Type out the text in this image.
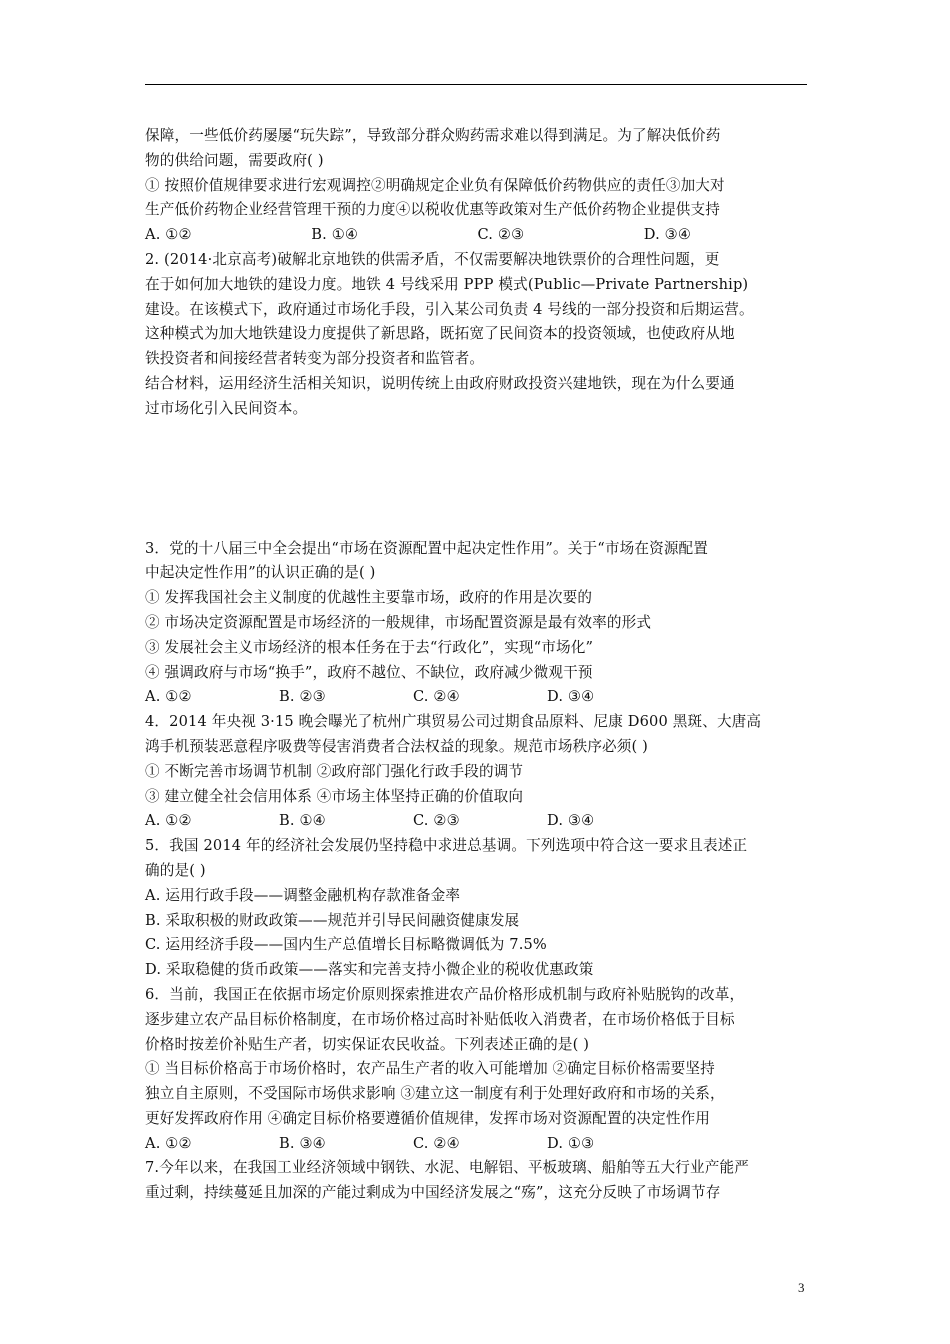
保障，一些低价药屡屡“玩失踪”，导致部分群众购药需求难以得到满足。为了解决低价药
物的供给问题，需要政府( )
① 按照价值规律要求进行宏观调控②明确规定企业负有保障低价药物供应的责任③加大对
生产低价药物企业经营管理干预的力度④以税收优惠等政策对生产低价药物企业提供支持
A. ①②	B. ①④	C. ②③	D. ③④
2. (2014·北京高考)破解北京地铁的供需矛盾，不仅需要解决地铁票价的合理性问题，更
在于如何加大地铁的建设力度。地铁 4 号线采用 PPP 模式(Public—Private Partnership)
建设。在该模式下，政府通过市场化手段，引入某公司负责 4 号线的一部分投资和后期运营。
这种模式为加大地铁建设力度提供了新思路，既拓宽了民间资本的投资领域，也使政府从地
铁投资者和间接经营者转变为部分投资者和监管者。
结合材料，运用经济生活相关知识，说明传统上由政府财政投资兴建地铁，现在为什么要通
过市场化引入民间资本。
3．党的十八届三中全会提出“市场在资源配置中起决定性作用”。关于“市场在资源配置
中起决定性作用”的认识正确的是( )
① 发挥我国社会主义制度的优越性主要靠市场，政府的作用是次要的
② 市场决定资源配置是市场经济的一般规律，市场配置资源是最有效率的形式
③ 发展社会主义市场经济的根本任务在于去“行政化”，实现“市场化”
④ 强调政府与市场“换手”，政府不越位、不缺位，政府减少微观干预
A. ①②	B. ②③	C. ②④	D. ③④
4．2014 年央视 3·15 晚会曝光了杭州广琪贸易公司过期食品原料、尼康 D600 黑斑、大唐高
鸿手机预装恶意程序吸费等侵害消费者合法权益的现象。规范市场秩序必须( )
① 不断完善市场调节机制 ②政府部门强化行政手段的调节
③ 建立健全社会信用体系 ④市场主体坚持正确的价值取向
A. ①②	B. ①④	C. ②③	D. ③④
5．我国 2014 年的经济社会发展仍坚持稳中求进总基调。下列选项中符合这一要求且表述正
确的是( )
A. 运用行政手段——调整金融机构存款准备金率
B. 采取积极的财政政策——规范并引导民间融资健康发展
C. 运用经济手段——国内生产总值增长目标略微调低为 7.5%
D. 采取稳健的货币政策——落实和完善支持小微企业的税收优惠政策
6．当前，我国正在依据市场定价原则探索推进农产品价格形成机制与政府补贴脱钩的改革，
逐步建立农产品目标价格制度，在市场价格过高时补贴低收入消费者，在市场价格低于目标
价格时按差价补贴生产者，切实保证农民收益。下列表述正确的是( )
① 当目标价格高于市场价格时，农产品生产者的收入可能增加 ②确定目标价格需要坚持
独立自主原则，不受国际市场供求影响 ③建立这一制度有利于处理好政府和市场的关系，
更好发挥政府作用 ④确定目标价格要遵循价值规律，发挥市场对资源配置的决定性作用
A. ①②	B. ③④	C. ②④	D. ①③
7.今年以来，在我国工业经济领域中钢铁、水泥、电解铝、平板玻璃、船舶等五大行业产能严
重过剩，持续蔓延且加深的产能过剩成为中国经济发展之“殇”，这充分反映了市场调节存
3
